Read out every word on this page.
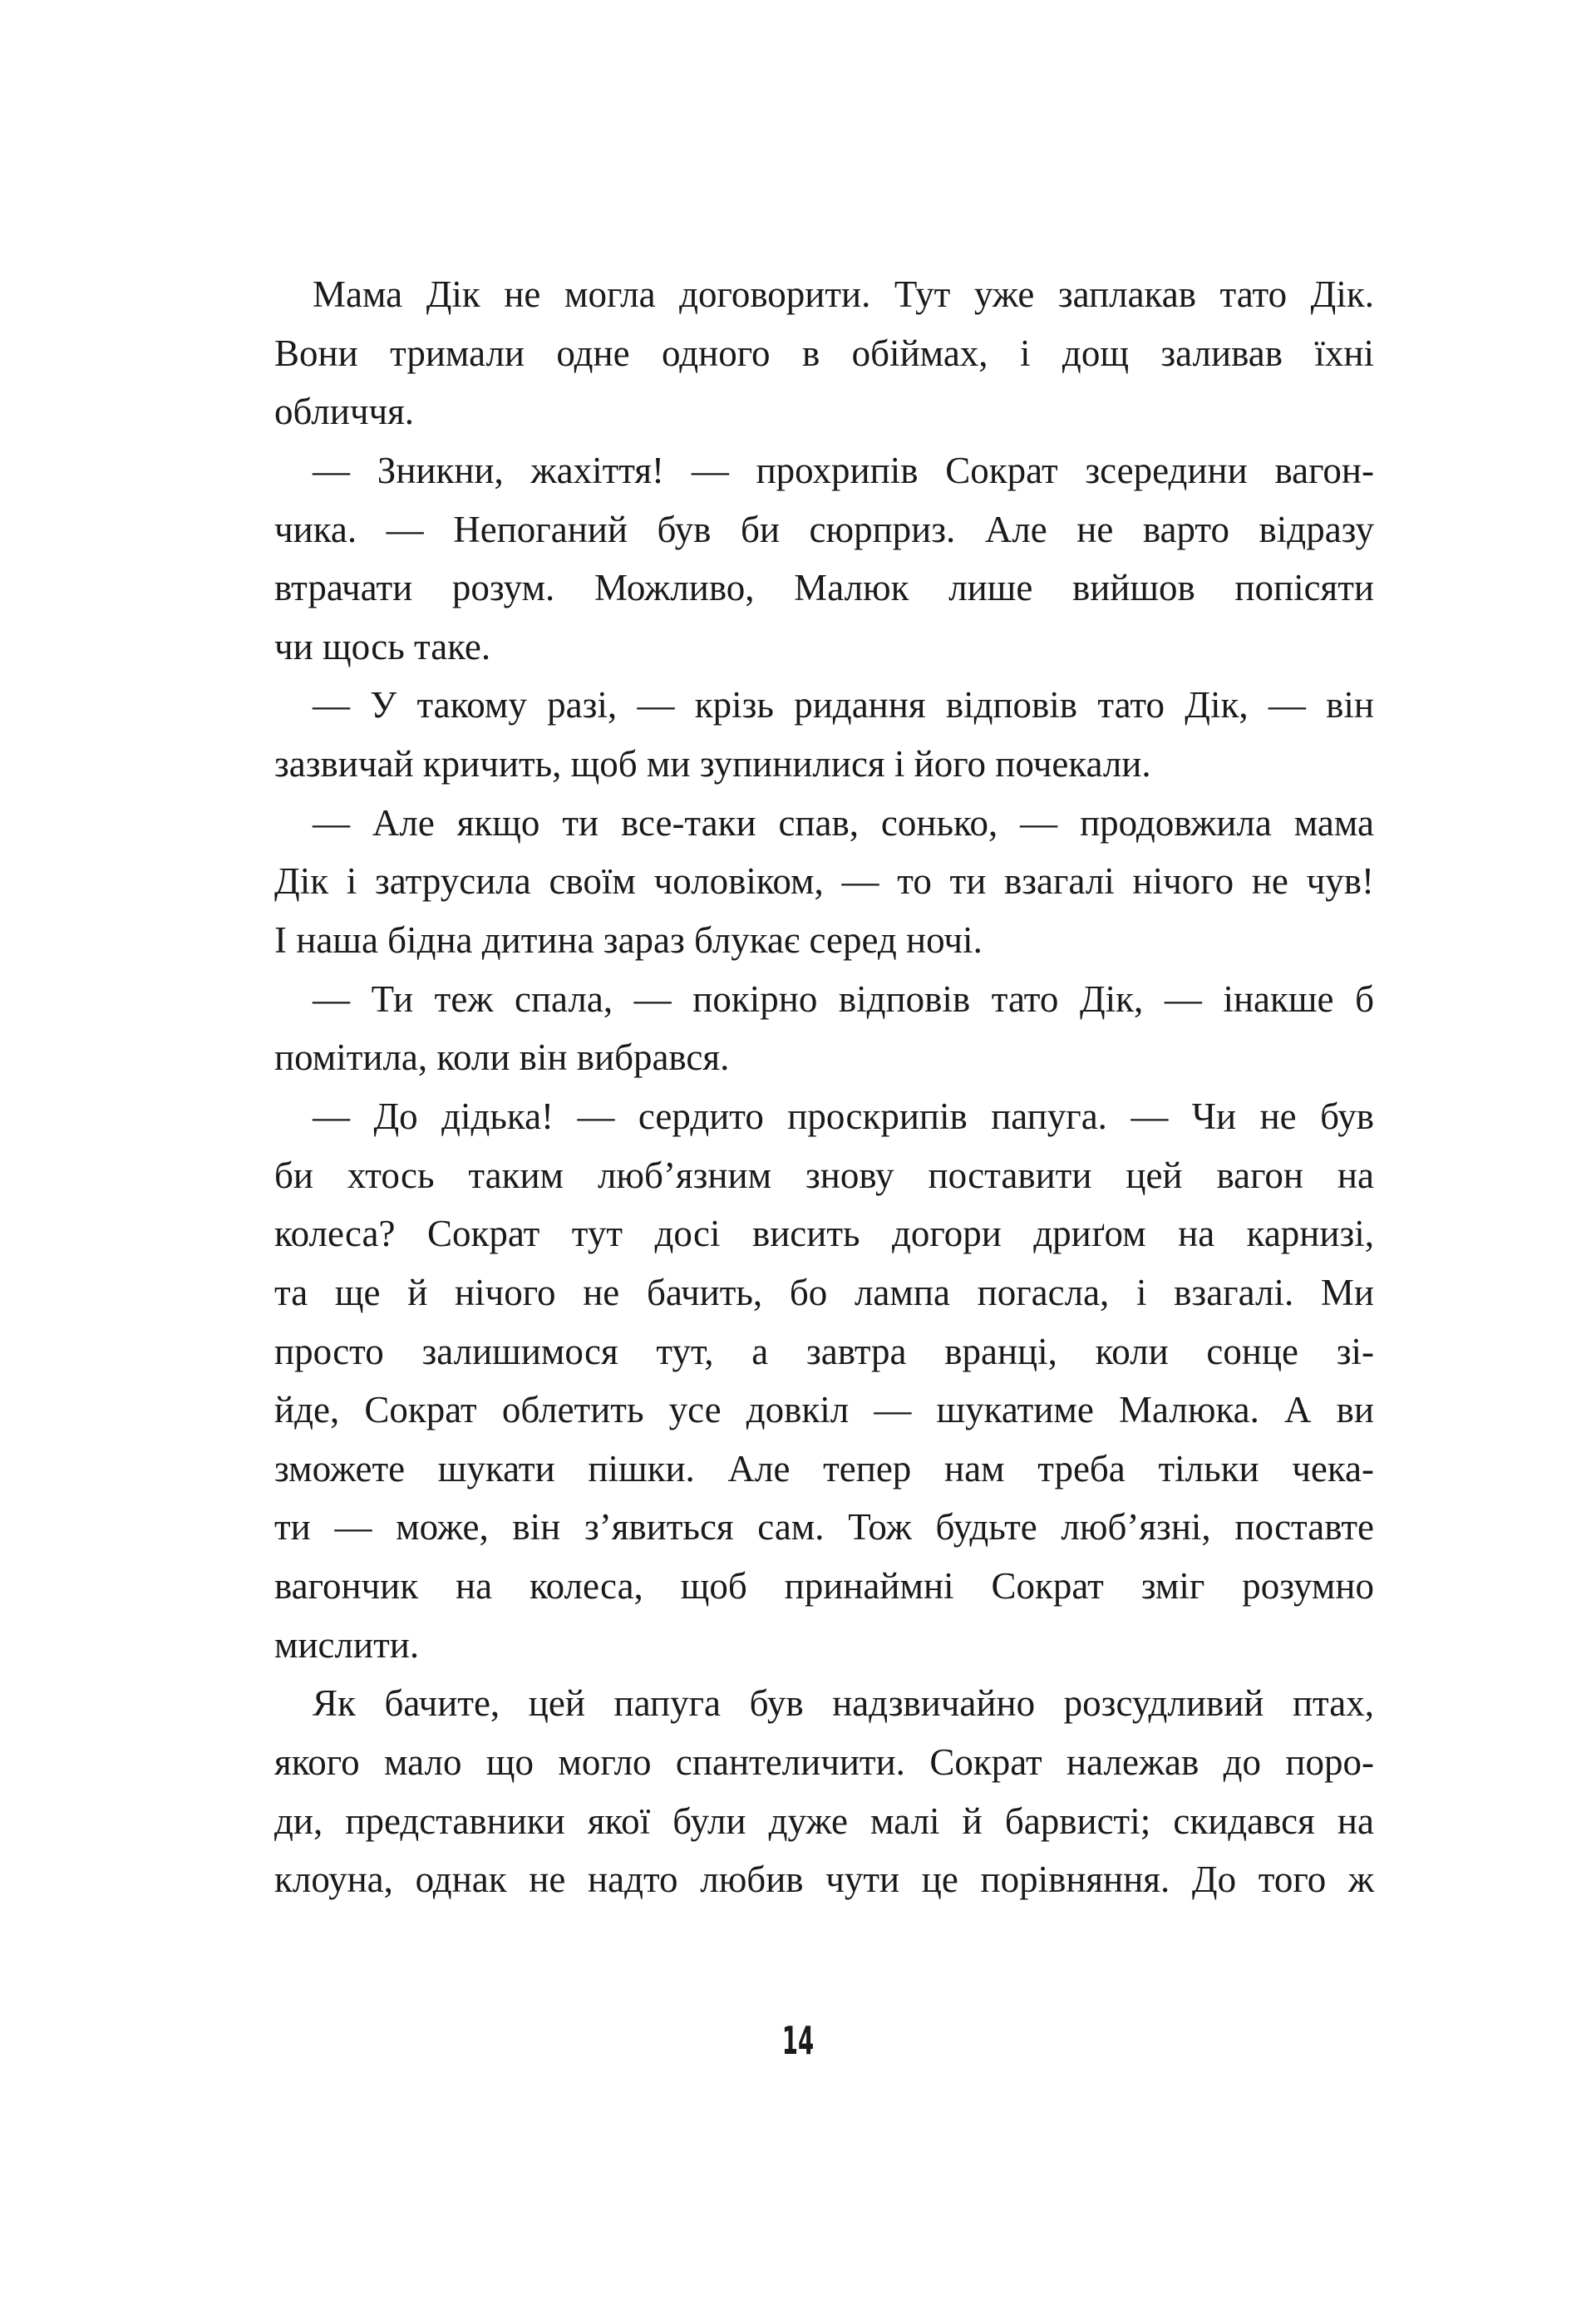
Мама Дік не могла договорити. Тут уже заплакав тато Дік.
Вони тримали одне одного в обіймах, і дощ заливав їхні
обличчя.
— Зникни, жахіття! — прохрипів Сократ зсередини вагон-
чика. — Непоганий був би сюрприз. Але не варто відразу
втрачати розум. Можливо, Малюк лише вийшов попісяти
чи щось таке.
— У такому разі, — крізь ридання відповів тато Дік, — він
зазвичай кричить, щоб ми зупинилися і його почекали.
— Але якщо ти все-таки спав, сонько, — продовжила мама
Дік і затрусила своїм чоловіком, — то ти взагалі нічого не чув!
І наша бідна дитина зараз блукає серед ночі.
— Ти теж спала, — покірно відповів тато Дік, — інакше б
помітила, коли він вибрався.
— До дідька! — сердито проскрипів папуга. — Чи не був
би хтось таким люб’язним знову поставити цей вагон на
колеса? Сократ тут досі висить догори дриґом на карнизі,
та ще й нічого не бачить, бо лампа погасла, і взагалі. Ми
просто залишимося тут, а завтра вранці, коли сонце зі-
йде, Сократ облетить усе довкіл — шукатиме Малюка. А ви
зможете шукати пішки. Але тепер нам треба тільки чека-
ти — може, він з’явиться сам. Тож будьте люб’язні, поставте
вагончик на колеса, щоб принаймні Сократ зміг розумно
мислити.
Як бачите, цей папуга був надзвичайно розсудливий птах,
якого мало що могло спантеличити. Сократ належав до поро-
ди, представники якої були дуже малі й барвисті; скидався на
клоуна, однак не надто любив чути це порівняння. До того ж
14
